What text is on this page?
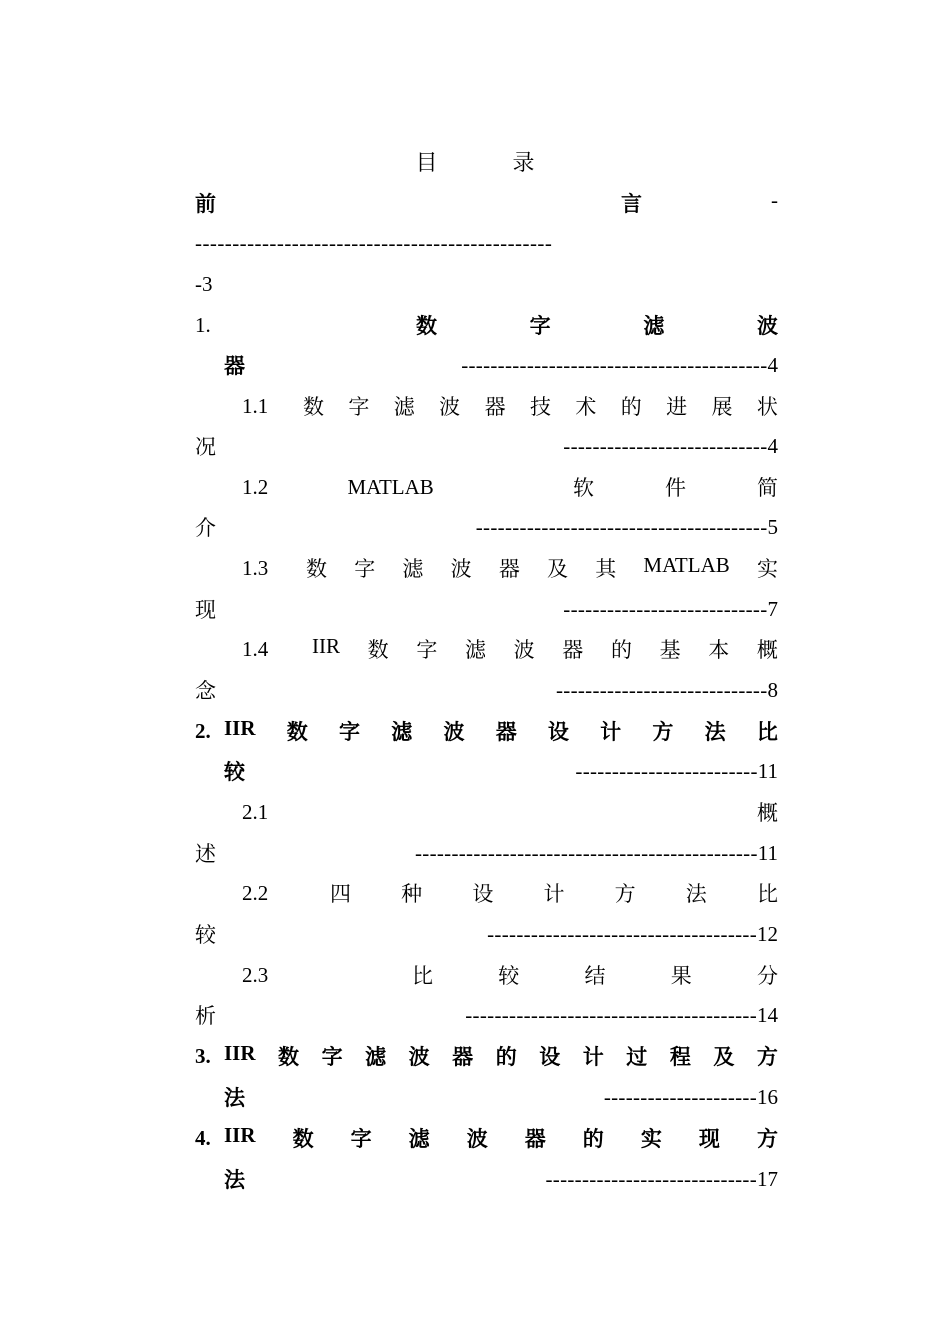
目 录
前	言	-
------------------------------------------------
-3
1.	数	字	滤	波
器	------------------------------------------ 4
1.1 数 字 滤 波 器 技 术 的 进 展 状
况	---------------------------- 4
1.2	MATLAB	软	件	简
介	---------------------------------------- 5
1.3 数 字 滤 波 器 及 其 MATLAB 实
现	---------------------------- 7
1.4 IIR 数 字 滤 波 器 的 基 本 概
念	----------------------------- 8
2. IIR 数 字 滤 波 器 设 计 方 法 比
较	------------------------- 11
2.1	概
述	----------------------------------------------- 11
2.2	四 种 设 计 方 法 比
较	------------------------------------- 12
2.3	比	较	结	果	分
析	---------------------------------------- 14
3. IIR 数 字 滤 波 器 的 设 计 过 程 及 方
法	--------------------- 16
4. IIR 数 字 滤 波 器 的 实 现 方
法	----------------------------- 17
